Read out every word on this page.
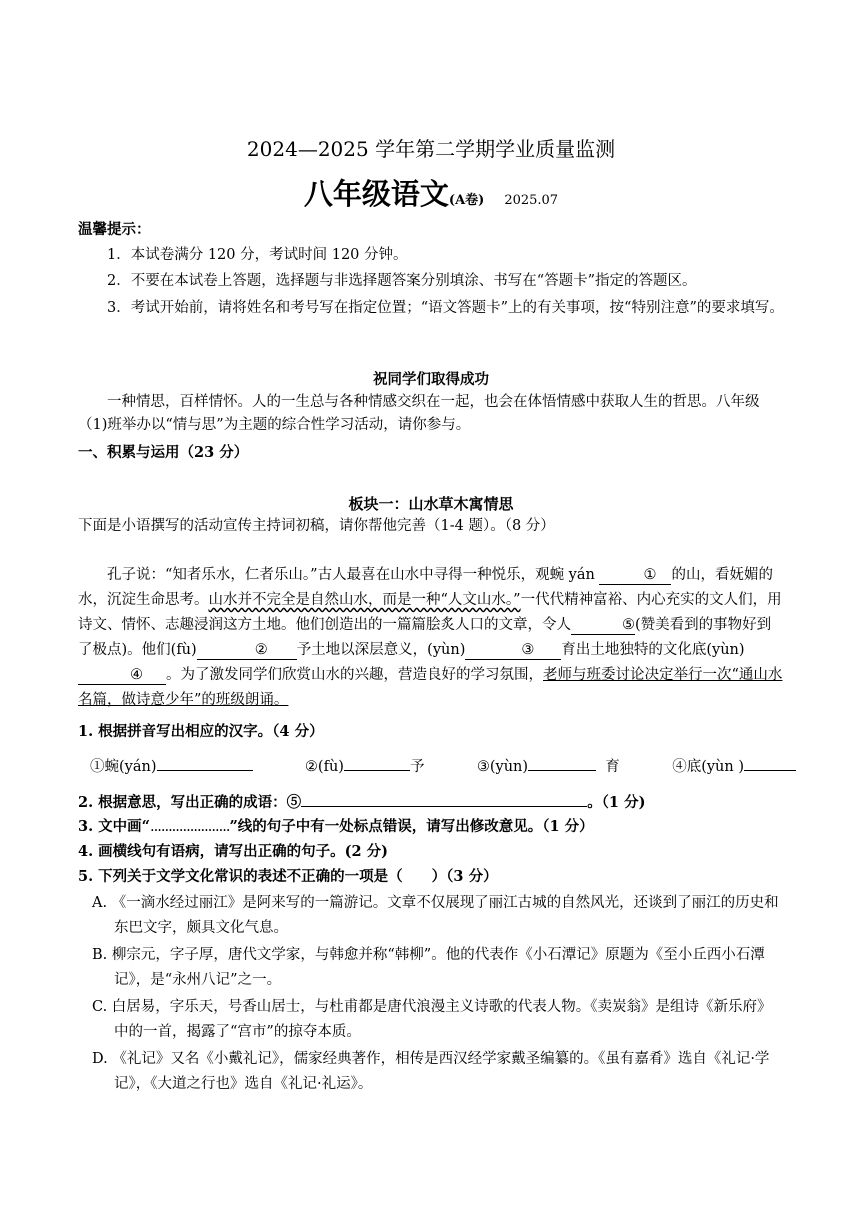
2024—2025 学年第二学期学业质量监测
八年级语文(A卷) 2025.07

温馨提示：

1．本试卷满分 120 分，考试时间 120 分钟。

2．不要在本试卷上答题，选择题与非选择题答案分别填涂、书写在“答题卡”指定的答题区。

3．考试开始前，请将姓名和考号写在指定位置；“语文答题卡”上的有关事项，按“特别注意”的要求填写。

祝同学们取得成功
一种情思，百样情怀。人的一生总与各种情感交织在一起，也会在体悟情感中获取人生的哲思。八年级（1)班举办以“情与思”为主题的综合性学习活动，请你参与。
一、积累与运用（23 分）
板块一：山水草木寓情思
下面是小语撰写的活动宣传主持词初稿，请你帮他完善（1-4 题）。（8 分）
孔子说：“知者乐水，仁者乐山。”古人最喜在山水中寻得一种悦乐，观蜿 yán	① 的山，看妩媚的水，沉淀生命思考。山水并不完全是自然山水，而是一种“人文山水。”一代代精神富裕、内心充实的文人们，用诗文、情怀、志趣浸润这方土地。他们创造出的一篇篇脍炙人口的文章，令人	⑤(赞美看到的事物好到了极点)。他们(fù)	② 予土地以深层意义，(yùn)	③ 育出土地独特的文化底(yùn)④ 。为了激发同学们欣赏山水的兴趣，营造良好的学习氛围，老师与班委讨论决定举行一次“通山水名篇，做诗意少年”的班级朗诵。
1. 根据拼音写出相应的汉字。（4 分）
①蜿(yán)	②(fù)	予	③(yùn)	育	④底(yùn )
2. 根据意思，写出正确的成语：⑤	。（1 分)
3. 文中画“......................”线的句子中有一处标点错误，请写出修改意见。（1 分）
4. 画横线句有语病，请写出正确的句子。(2 分)
5. 下列关于文学文化常识的表述不正确的一项是（　　）（3 分）

A. 《一滴水经过丽江》是阿来写的一篇游记。文章不仅展现了丽江古城的自然风光，还谈到了丽江的历史和东巴文字，颇具文化气息。

B. 柳宗元，字子厚，唐代文学家，与韩愈并称“韩柳”。他的代表作《小石潭记》原题为《至小丘西小石潭记》，是“永州八记”之一。

C. 白居易，字乐天，号香山居士，与杜甫都是唐代浪漫主义诗歌的代表人物。《卖炭翁》是组诗《新乐府》中的一首，揭露了“宫市”的掠夺本质。

D. 《礼记》又名《小戴礼记》，儒家经典著作，相传是西汉经学家戴圣编纂的。《虽有嘉肴》选自《礼记·学记》，《大道之行也》选自《礼记·礼运》。
